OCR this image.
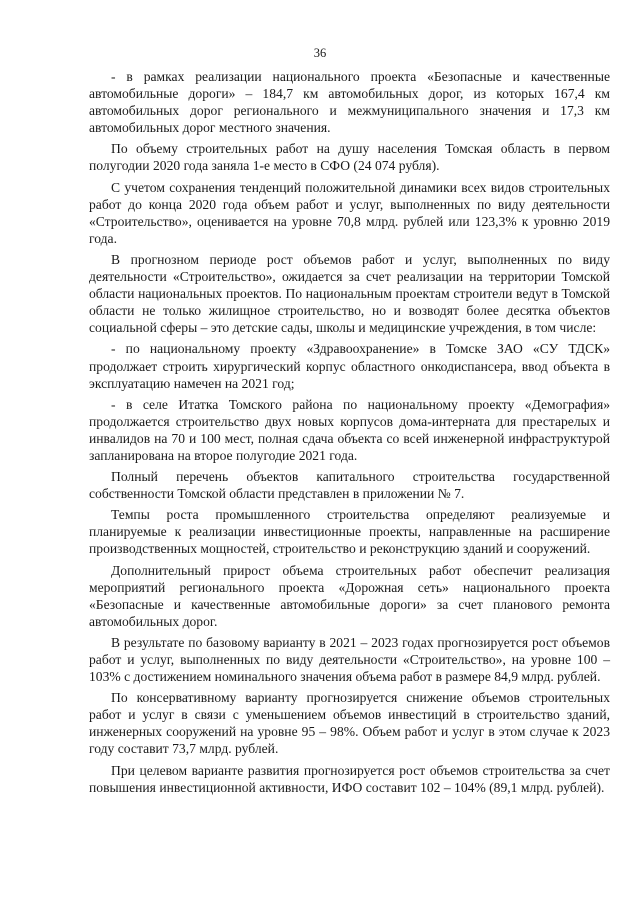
36

- в рамках реализации национального проекта «Безопасные и качественные автомобильные дороги» – 184,7 км автомобильных дорог, из которых 167,4 км автомобильных дорог регионального и межмуниципального значения и 17,3 км автомобильных дорог местного значения.

По объему строительных работ на душу населения Томская область в первом полугодии 2020 года заняла 1-е место в СФО (24 074 рубля).

С учетом сохранения тенденций положительной динамики всех видов строительных работ до конца 2020 года объем работ и услуг, выполненных по виду деятельности «Строительство», оценивается на уровне 70,8 млрд. рублей или 123,3% к уровню 2019 года.

В прогнозном периоде рост объемов работ и услуг, выполненных по виду деятельности «Строительство», ожидается за счет реализации на территории Томской области национальных проектов. По национальным проектам строители ведут в Томской области не только жилищное строительство, но и возводят более десятка объектов социальной сферы – это детские сады, школы и медицинские учреждения, в том числе:

- по национальному проекту «Здравоохранение» в Томске ЗАО «СУ ТДСК» продолжает строить хирургический корпус областного онкодиспансера, ввод объекта в эксплуатацию намечен на 2021 год;

- в селе Итатка Томского района по национальному проекту «Демография» продолжается строительство двух новых корпусов дома-интерната для престарелых и инвалидов на 70 и 100 мест, полная сдача объекта со всей инженерной инфраструктурой запланирована на второе полугодие 2021 года.

Полный перечень объектов капитального строительства государственной собственности Томской области представлен в приложении № 7.

Темпы роста промышленного строительства определяют реализуемые и планируемые к реализации инвестиционные проекты, направленные на расширение производственных мощностей, строительство и реконструкцию зданий и сооружений.

Дополнительный прирост объема строительных работ обеспечит реализация мероприятий регионального проекта «Дорожная сеть» национального проекта «Безопасные и качественные автомобильные дороги» за счет планового ремонта автомобильных дорог.

В результате по базовому варианту в 2021 – 2023 годах прогнозируется рост объемов работ и услуг, выполненных по виду деятельности «Строительство», на уровне 100 – 103% с достижением номинального значения объема работ в размере 84,9 млрд. рублей.

По консервативному варианту прогнозируется снижение объемов строительных работ и услуг в связи с уменьшением объемов инвестиций в строительство зданий, инженерных сооружений на уровне 95 – 98%. Объем работ и услуг в этом случае к 2023 году составит 73,7 млрд. рублей.

При целевом варианте развития прогнозируется рост объемов строительства за счет повышения инвестиционной активности, ИФО составит 102 – 104% (89,1 млрд. рублей).
